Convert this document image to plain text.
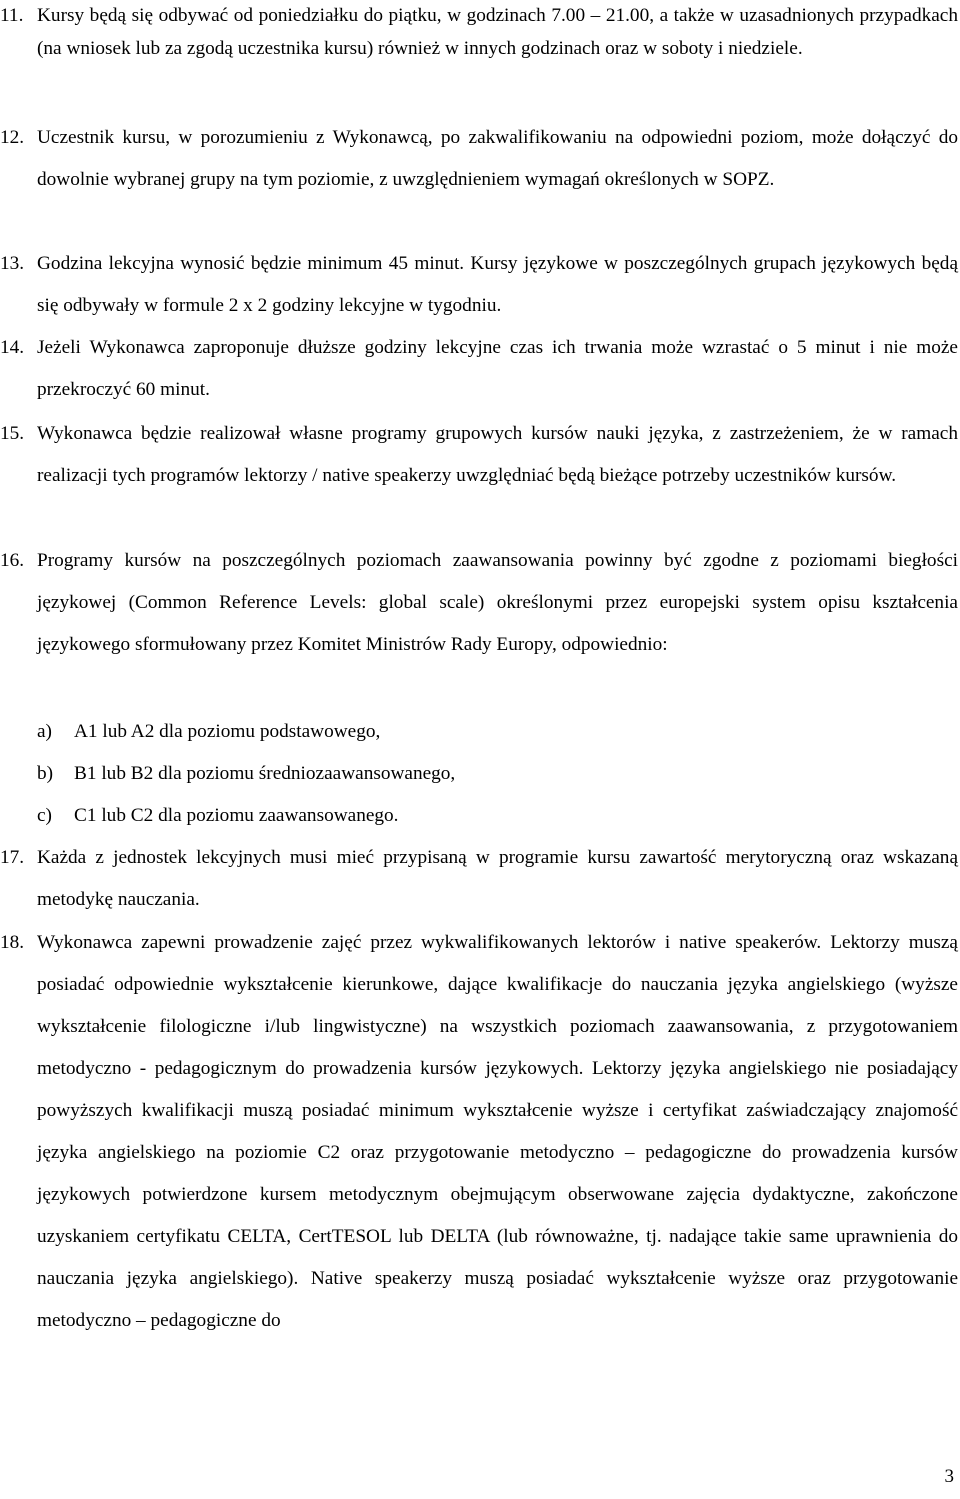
11. Kursy będą się odbywać od poniedziałku do piątku, w godzinach 7.00 – 21.00, a także w uzasadnionych przypadkach (na wniosek lub za zgodą uczestnika kursu) również w innych godzinach oraz w soboty i niedziele.
12. Uczestnik kursu, w porozumieniu z Wykonawcą, po zakwalifikowaniu na odpowiedni poziom, może dołączyć do dowolnie wybranej grupy na tym poziomie, z uwzględnieniem wymagań określonych w SOPZ.
13. Godzina lekcyjna wynosić będzie minimum 45 minut. Kursy językowe w poszczególnych grupach językowych będą się odbywały w formule 2 x 2 godziny lekcyjne w tygodniu.
14. Jeżeli Wykonawca zaproponuje dłuższe godziny lekcyjne czas ich trwania może wzrastać o 5 minut i nie może przekroczyć 60 minut.
15. Wykonawca będzie realizował własne programy grupowych kursów nauki języka, z zastrzeżeniem, że w ramach realizacji tych programów lektorzy / native speakerzy uwzględniać będą bieżące potrzeby uczestników kursów.
16. Programy kursów na poszczególnych poziomach zaawansowania powinny być zgodne z poziomami biegłości językowej (Common Reference Levels: global scale) określonymi przez europejski system opisu kształcenia językowego sformułowany przez Komitet Ministrów Rady Europy, odpowiednio:
a) A1 lub A2 dla poziomu podstawowego,
b) B1 lub B2 dla poziomu średniozaawansowanego,
c) C1 lub C2 dla poziomu zaawansowanego.
17. Każda z jednostek lekcyjnych musi mieć przypisaną w programie kursu zawartość merytoryczną oraz wskazaną metodykę nauczania.
18. Wykonawca zapewni prowadzenie zajęć przez wykwalifikowanych lektorów i native speakerów. Lektorzy muszą posiadać odpowiednie wykształcenie kierunkowe, dające kwalifikacje do nauczania języka angielskiego (wyższe wykształcenie filologiczne i/lub lingwistyczne) na wszystkich poziomach zaawansowania, z przygotowaniem metodyczno - pedagogicznym do prowadzenia kursów językowych. Lektorzy języka angielskiego nie posiadający powyższych kwalifikacji muszą posiadać minimum wykształcenie wyższe i certyfikat zaświadczający znajomość języka angielskiego na poziomie C2 oraz przygotowanie metodyczno – pedagogiczne do prowadzenia kursów językowych potwierdzone kursem metodycznym obejmującym obserwowane zajęcia dydaktyczne, zakończone uzyskaniem certyfikatu CELTA, CertTESOL lub DELTA (lub równoważne, tj. nadające takie same uprawnienia do nauczania języka angielskiego). Native speakerzy muszą posiadać wykształcenie wyższe oraz przygotowanie metodyczno – pedagogiczne do
3
